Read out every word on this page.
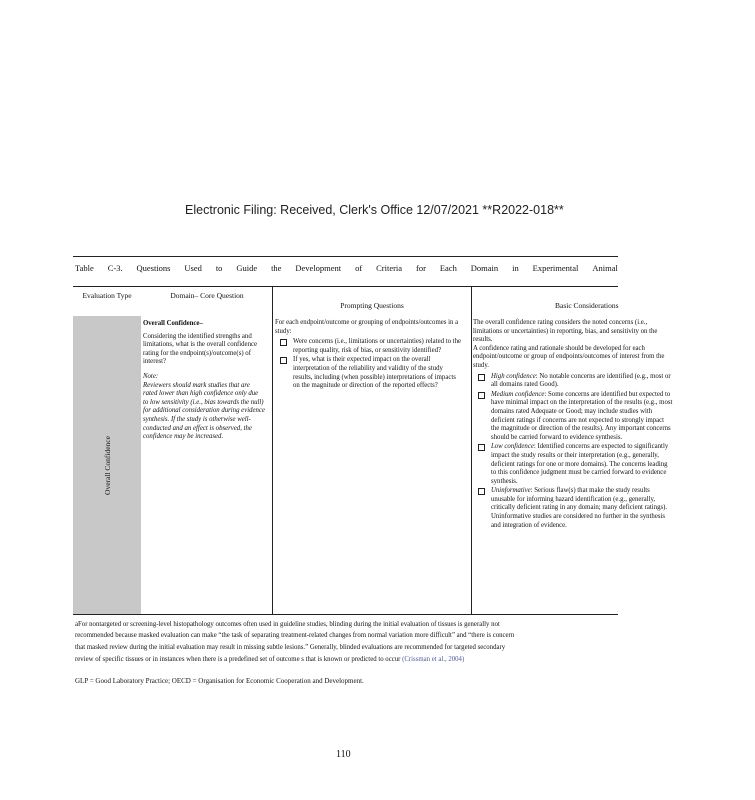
Electronic Filing: Received, Clerk's Office 12/07/2021 **R2022-018**
Table C-3. Questions Used to Guide the Development of Criteria for Each Domain in Experimental Animal
Evaluation Type	Domain– Core Question
Prompting Questions	Basic Considerations
Overall Confidence

Overall Confidence–

Considering the identified strengths and limitations, what is the overall confidence rating for the endpoint(s)/outcome(s) of interest?

Note:

Reviewers should mark studies that are rated lower than high confidence only due to low sensitivity (i.e., bias towards the null) for additional consideration during evidence synthesis. If the study is otherwise well-conducted and an effect is observed, the confidence may be increased.

For each endpoint/outcome or grouping of endpoints/outcomes in a study:

Were concerns (i.e., limitations or uncertainties) related to the reporting quality, risk of bias, or sensitivity identified?
If yes, what is their expected impact on the overall interpretation of the reliability and validity of the study results, including (when possible) interpretations of impacts on the magnitude or direction of the reported effects?

The overall confidence rating considers the noted concerns (i.e., limitations or uncertainties) in reporting, bias, and sensitivity on the results.

A confidence rating and rationale should be developed for each endpoint/outcome or group of endpoints/outcomes of interest from the study.

High confidence: No notable concerns are identified (e.g., most or all domains rated Good).
Medium confidence: Some concerns are identified but expected to have minimal impact on the interpretation of the results (e.g., most domains rated Adequate or Good; may include studies with deficient ratings if concerns are not expected to strongly impact the magnitude or direction of the results). Any important concerns should be carried forward to evidence synthesis.
Low confidence: Identified concerns are expected to significantly impact the study results or their interpretation (e.g., generally, deficient ratings for one or more domains). The concerns leading to this confidence judgment must be carried forward to evidence synthesis.
Uninformative: Serious flaw(s) that make the study results unusable for informing hazard identification (e.g., generally, critically deficient rating in any domain; many deficient ratings). Uninformative studies are considered no further in the synthesis and integration of evidence.
aFor nontargeted or screening-level histopathology outcomes often used in guideline studies, blinding during the initial evaluation of tissues is generally not
recommended because masked evaluation can make “the task of separating treatment-related changes from normal variation more difficult” and “there is concern
that masked review during the initial evaluation may result in missing subtle lesions.” Generally, blinded evaluations are recommended for targeted secondary
review of specific tissues or in instances when there is a predefined set of outcome s that is known or predicted to occur (Crissman et al., 2004)
GLP = Good Laboratory Practice; OECD = Organisation for Economic Cooperation and Development.
110
